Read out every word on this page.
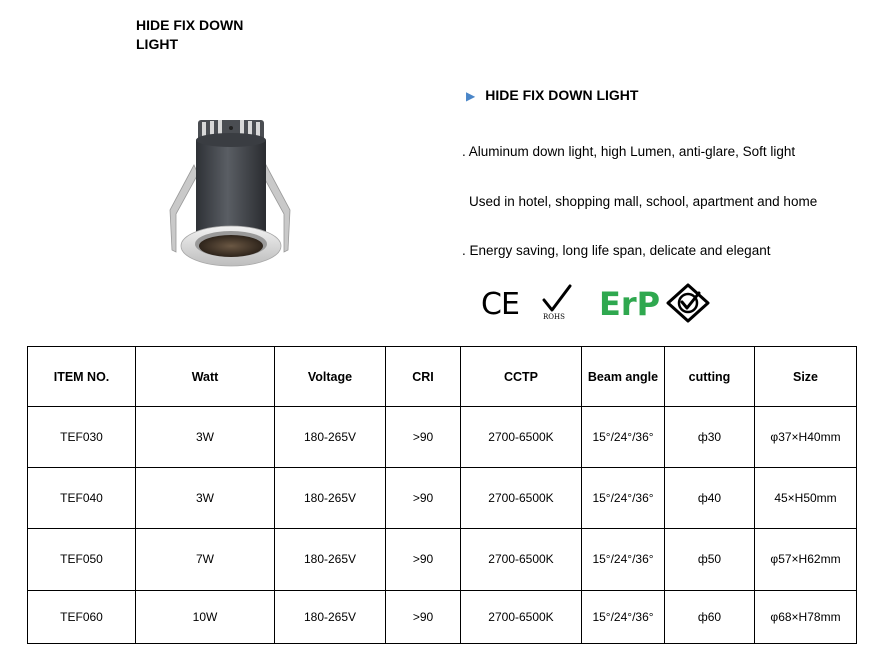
HIDE FIX DOWN LIGHT
▶ HIDE FIX DOWN LIGHT
. Aluminum down light, high Lumen, anti-glare, Soft light
Used in hotel, shopping mall, school, apartment and home
. Energy saving, long life span, delicate and elegant
CE	ROHS ErP
ITEM NO.	Watt	Voltage	CRI	CCTP	Beam angle	cutting	Size
TEF030	3W	180-265V	>90	2700-6500K	15°/24°/36°	ф30	φ37×H40mm
TEF040	3W	180-265V	>90	2700-6500K	15°/24°/36°	ф40	45×H50mm
TEF050	7W	180-265V	>90	2700-6500K	15°/24°/36°	ф50	φ57×H62mm
TEF060	10W	180-265V	>90	2700-6500K	15°/24°/36°	ф60	φ68×H78mm
